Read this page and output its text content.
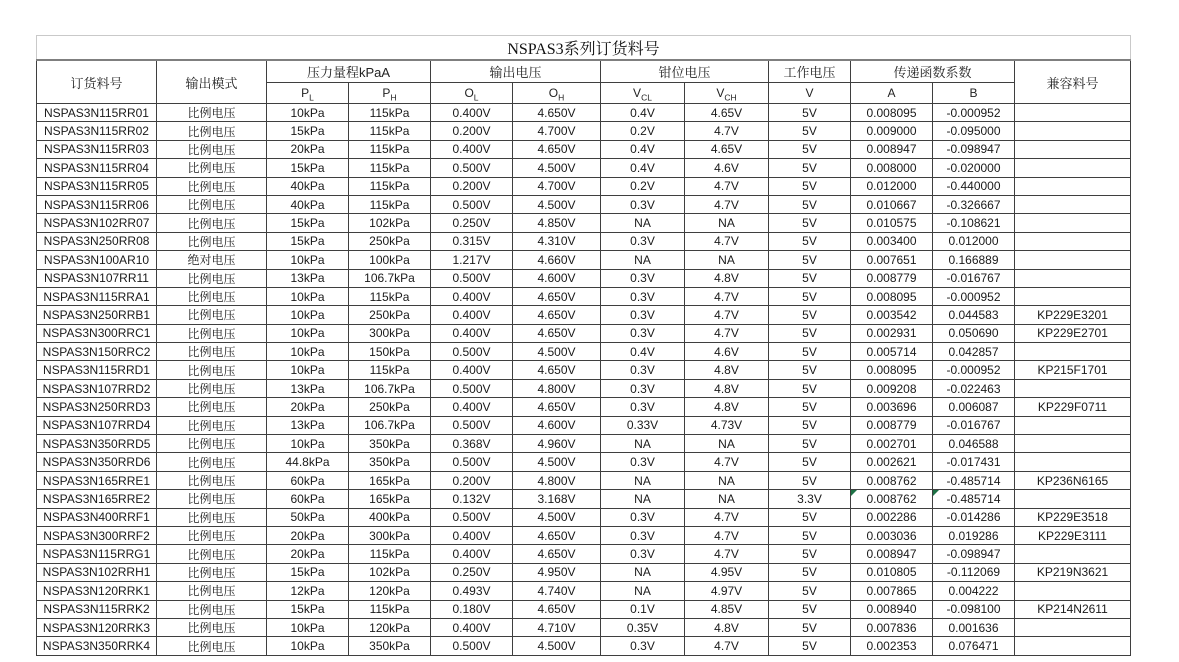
NSPAS3系列订货料号											
订货料号	输出模式	压力量程kPaA		输出电压		钳位电压		工作电压	传递函数系数		兼容料号
		$P_L$	$P_H$	$O_L$	$O_H$	$V_{CL}$	$V_{CH}$	V	A	B	
NSPAS3N115RR01	比例电压	10kPa	115kPa	0.400V	4.650V	0.4V	4.65V	5V	0.008095	-0.000952	
NSPAS3N115RR02	比例电压	15kPa	115kPa	0.200V	4.700V	0.2V	4.7V	5V	0.009000	-0.095000	
NSPAS3N115RR03	比例电压	20kPa	115kPa	0.400V	4.650V	0.4V	4.65V	5V	0.008947	-0.098947	
NSPAS3N115RR04	比例电压	15kPa	115kPa	0.500V	4.500V	0.4V	4.6V	5V	0.008000	-0.020000	
NSPAS3N115RR05	比例电压	40kPa	115kPa	0.200V	4.700V	0.2V	4.7V	5V	0.012000	-0.440000	
NSPAS3N115RR06	比例电压	40kPa	115kPa	0.500V	4.500V	0.3V	4.7V	5V	0.010667	-0.326667	
NSPAS3N102RR07	比例电压	15kPa	102kPa	0.250V	4.850V	NA	NA	5V	0.010575	-0.108621	
NSPAS3N250RR08	比例电压	15kPa	250kPa	0.315V	4.310V	0.3V	4.7V	5V	0.003400	0.012000	
NSPAS3N100AR10	绝对电压	10kPa	100kPa	1.217V	4.660V	NA	NA	5V	0.007651	0.166889	
NSPAS3N107RR11	比例电压	13kPa	106.7kPa	0.500V	4.600V	0.3V	4.8V	5V	0.008779	-0.016767	
NSPAS3N115RRA1	比例电压	10kPa	115kPa	0.400V	4.650V	0.3V	4.7V	5V	0.008095	-0.000952	
NSPAS3N250RRB1	比例电压	10kPa	250kPa	0.400V	4.650V	0.3V	4.7V	5V	0.003542	0.044583	KP229E3201
NSPAS3N300RRC1	比例电压	10kPa	300kPa	0.400V	4.650V	0.3V	4.7V	5V	0.002931	0.050690	KP229E2701
NSPAS3N150RRC2	比例电压	10kPa	150kPa	0.500V	4.500V	0.4V	4.6V	5V	0.005714	0.042857	
NSPAS3N115RRD1	比例电压	10kPa	115kPa	0.400V	4.650V	0.3V	4.8V	5V	0.008095	-0.000952	KP215F1701
NSPAS3N107RRD2	比例电压	13kPa	106.7kPa	0.500V	4.800V	0.3V	4.8V	5V	0.009208	-0.022463	
NSPAS3N250RRD3	比例电压	20kPa	250kPa	0.400V	4.650V	0.3V	4.8V	5V	0.003696	0.006087	KP229F0711
NSPAS3N107RRD4	比例电压	13kPa	106.7kPa	0.500V	4.600V	0.33V	4.73V	5V	0.008779	-0.016767	
NSPAS3N350RRD5	比例电压	10kPa	350kPa	0.368V	4.960V	NA	NA	5V	0.002701	0.046588	
NSPAS3N350RRD6	比例电压	44.8kPa	350kPa	0.500V	4.500V	0.3V	4.7V	5V	0.002621	-0.017431	
NSPAS3N165RRE1	比例电压	60kPa	165kPa	0.200V	4.800V	NA	NA	5V	0.008762	-0.485714	KP236N6165
NSPAS3N165RRE2	比例电压	60kPa	165kPa	0.132V	3.168V	NA	NA	3.3V	0.008762	-0.485714	
NSPAS3N400RRF1	比例电压	50kPa	400kPa	0.500V	4.500V	0.3V	4.7V	5V	0.002286	-0.014286	KP229E3518
NSPAS3N300RRF2	比例电压	20kPa	300kPa	0.400V	4.650V	0.3V	4.7V	5V	0.003036	0.019286	KP229E3111
NSPAS3N115RRG1	比例电压	20kPa	115kPa	0.400V	4.650V	0.3V	4.7V	5V	0.008947	-0.098947	
NSPAS3N102RRH1	比例电压	15kPa	102kPa	0.250V	4.950V	NA	4.95V	5V	0.010805	-0.112069	KP219N3621
NSPAS3N120RRK1	比例电压	12kPa	120kPa	0.493V	4.740V	NA	4.97V	5V	0.007865	0.004222	
NSPAS3N115RRK2	比例电压	15kPa	115kPa	0.180V	4.650V	0.1V	4.85V	5V	0.008940	-0.098100	KP214N2611
NSPAS3N120RRK3	比例电压	10kPa	120kPa	0.400V	4.710V	0.35V	4.8V	5V	0.007836	0.001636	
NSPAS3N350RRK4	比例电压	10kPa	350kPa	0.500V	4.500V	0.3V	4.7V	5V	0.002353	0.076471	
